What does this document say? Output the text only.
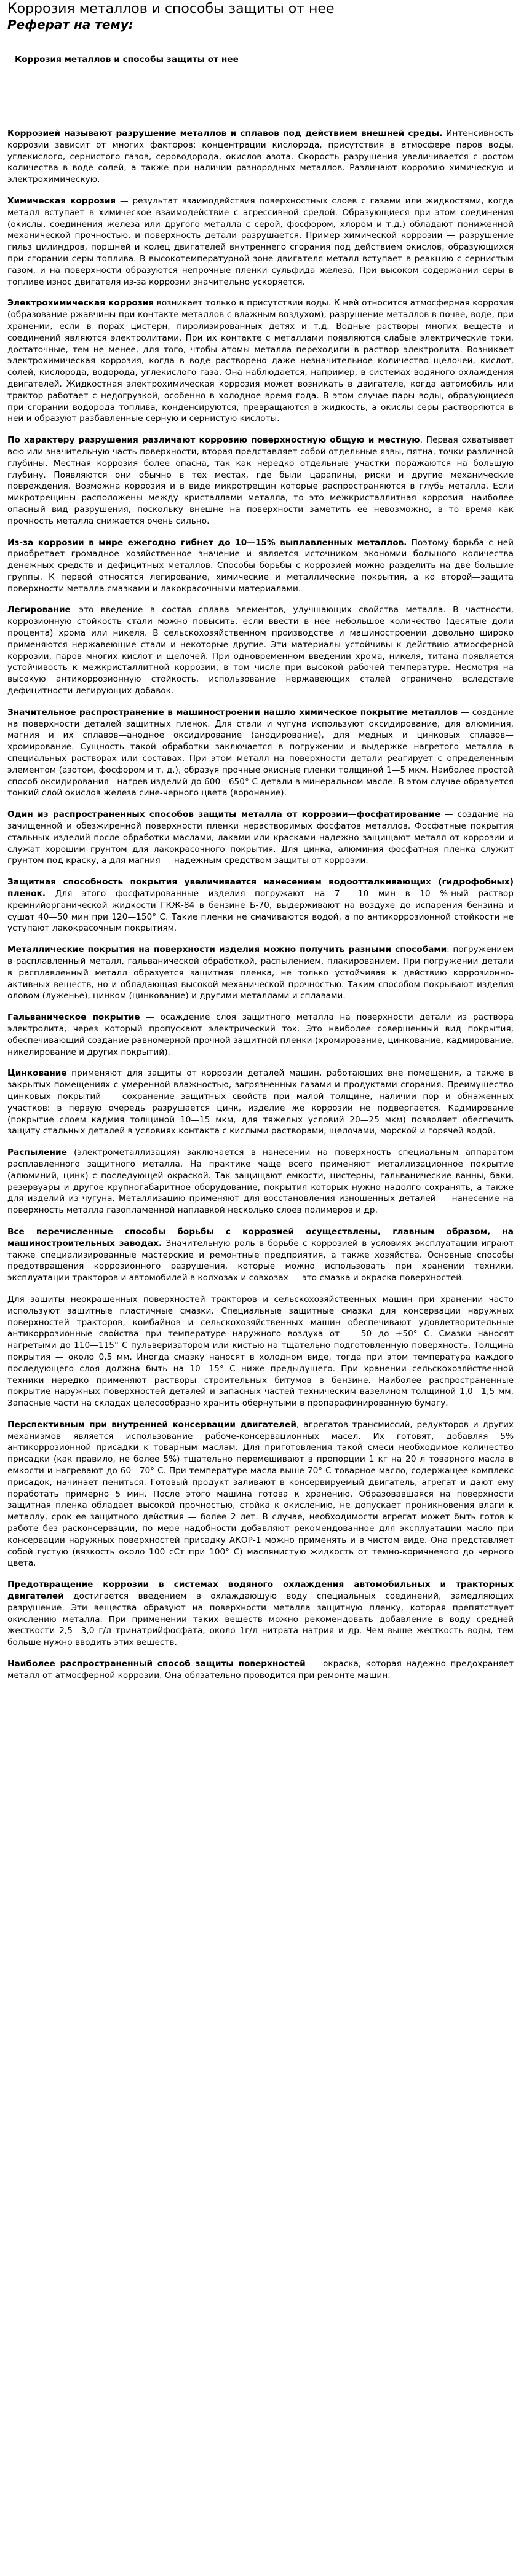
Коррозия металлов и способы защиты от нее
Реферат на тему:
Коррозия металлов и способы защиты от нее

Коррозией называют разрушение металлов и сплавов под действием внешней среды. Интенсивность коррозии зависит от многих факторов: концентрации кислорода, присутствия в атмосфере паров воды, углекислого, сернистого газов, сероводорода, окислов азота. Скорость разрушения увеличивается с ростом количества в воде солей, а также при наличии разнородных металлов. Различают коррозию химическую и электрохимическую.

Химическая коррозия — результат взаимодействия поверхностных слоев с газами или жидкостями, когда металл вступает в химическое взаимодействие с агрессивной средой. Образующиеся при этом соединения (окислы, соединения железа или другого металла с серой, фосфором, хлором и т.д.) обладают пониженной механической прочностью, и поверхность детали разрушается. Пример химической коррозии — разрушение гильз цилиндров, поршней и колец двигателей внутреннего сгорания под действием окислов, образующихся при сгорании серы топлива. В высокотемпературной зоне двигателя металл вступает в реакцию с сернистым газом, и на поверхности образуются непрочные пленки сульфида железа. При высоком содержании серы в топливе износ двигателя из-за коррозии значительно ускоряется.

Электрохимическая коррозия возникает только в присутствии воды. К ней относится атмосферная коррозия (образование ржавчины при контакте металлов с влажным воздухом), разрушение металлов в почве, воде, при хранении, если в порах цистерн, пиролизированных детях и т.д. Водные растворы многих веществ и соединений являются электролитами. При их контакте с металлами появляются слабые электрические токи, достаточные, тем не менее, для того, чтобы атомы металла переходили в раствор электролита. Возникает электрохимическая коррозия, когда в воде растворено даже незначительное количество щелочей, кислот, солей, кислорода, водорода, углекислого газа. Она наблюдается, например, в системах водяного охлаждения двигателей. Жидкостная электрохимическая коррозия может возникать в двигателе, когда автомобиль или трактор работает с недогрузкой, особенно в холодное время года. В этом случае пары воды, образующиеся при сгорании водорода топлива, конденсируются, превращаются в жидкость, а окислы серы растворяются в ней и образуют разбавленные серную и сернистую кислоты.

По характеру разрушения различают коррозию поверхностную общую и местную. Первая охватывает всю или значительную часть поверхности, вторая представляет собой отдельные язвы, пятна, точки различной глубины. Местная коррозия более опасна, так как нередко отдельные участки поражаются на большую глубину. Появляются они обычно в тех местах, где были царапины, риски и другие механические повреждения. Возможна коррозия и в виде микротрещин которые распространяются в глубь металла. Если микротрещины расположены между кристаллами металла, то это межкристаллитная коррозия—наиболее опасный вид разрушения, поскольку внешне на поверхности заметить ее невозможно, в то время как прочность металла снижается очень сильно.

Из-за коррозии в мире ежегодно гибнет до 10—15% выплавленных металлов. Поэтому борьба с ней приобретает громадное хозяйственное значение и является источником экономии большого количества денежных средств и дефицитных металлов. Способы борьбы с коррозией можно разделить на две большие группы. К первой относятся легирование, химические и металлические покрытия, а ко второй—защита поверхности металла смазками и лакокрасочными материалами.

Легирование—это введение в состав сплава элементов, улучшающих свойства металла. В частности, коррозионную стойкость стали можно повысить, если ввести в нее небольшое количество (десятые доли процента) хрома или никеля. В сельскохозяйственном производстве и машиностроении довольно широко применяются нержавеющие стали и некоторые другие. Эти материалы устойчивы к действию атмосферной коррозии, паров многих кислот и щелочей. При одновременном введении хрома, никеля, титана появляется устойчивость к межкристаллитной коррозии, в том числе при высокой рабочей температуре. Несмотря на высокую антикоррозионную стойкость, использование нержавеющих сталей ограничено вследствие дефицитности легирующих добавок.

Значительное распространение в машиностроении нашло химическое покрытие металлов — создание на поверхности деталей защитных пленок. Для стали и чугуна используют оксидирование, для алюминия, магния и их сплавов—анодное оксидирование (анодирование), для медных и цинковых сплавов—хромирование. Сущность такой обработки заключается в погружении и выдержке нагретого металла в специальных растворах или составах. При этом металл на поверхности детали реагирует с определенным элементом (азотом, фосфором и т. д.), образуя прочные окисные пленки толщиной 1—5 мкм. Наиболее простой способ оксидирования—нагрев изделий до 600—650° С детали в минеральном масле. В этом случае образуется тонкий слой окислов железа сине-черного цвета (воронение).

Один из распространенных способов защиты металла от коррозии—фосфатирование — создание на зачищенной и обезжиренной поверхности пленки нерастворимых фосфатов металлов. Фосфатные покрытия стальных изделий после обработки маслами, лаками или красками надежно защищают металл от коррозии и служат хорошим грунтом для лакокрасочного покрытия. Для цинка, алюминия фосфатная пленка служит грунтом под краску, а для магния — надежным средством защиты от коррозии.

Защитная способность покрытия увеличивается нанесением водоотталкивающих (гидрофобных) пленок. Для этого фосфатированные изделия погружают на 7— 10 мин в 10 %-ный раствор кремнийорганической жидкости ГКЖ-84 в бензине Б-70, выдерживают на воздухе до испарения бензина и сушат 40—50 мин при 120—150° С. Такие пленки не смачиваются водой, а по антикоррозионной стойкости не уступают лакокрасочным покрытиям.

Металлические покрытия на поверхности изделия можно получить разными способами: погружением в расплавленный металл, гальванической обработкой, распылением, плакированием. При погружении детали в расплавленный металл образуется защитная пленка, не только устойчивая к действию коррозионно-активных веществ, но и обладающая высокой механической прочностью. Таким способом покрывают изделия оловом (луженье), цинком (цинкование) и другими металлами и сплавами.

Гальваническое покрытие — осаждение слоя защитного металла на поверхности детали из раствора электролита, через который пропускают электрический ток. Это наиболее совершенный вид покрытия, обеспечивающий создание равномерной прочной защитной пленки (хромирование, цинкование, кадмирование, никелирование и других покрытий).

Цинкование применяют для защиты от коррозии деталей машин, работающих вне помещения, а также в закрытых помещениях с умеренной влажностью, загрязненных газами и продуктами сгорания. Преимущество цинковых покрытий — сохранение защитных свойств при малой толщине, наличии пор и обнаженных участков: в первую очередь разрушается цинк, изделие же коррозии не подвергается. Кадмирование (покрытие слоем кадмия толщиной 10—15 мкм, для тяжелых условий 20—25 мкм) позволяет обеспечить защиту стальных деталей в условиях контакта с кислыми растворами, щелочами, морской и горячей водой.

Распыление (электрометаллизация) заключается в нанесении на поверхность специальным аппаратом расплавленного защитного металла. На практике чаще всего применяют металлизационное покрытие (алюминий, цинк) с последующей окраской. Так защищают емкости, цистерны, гальванические ванны, баки, резервуары и другое крупногабаритное оборудование, покрытия которых нужно надолго сохранять, а также для изделий из чугуна. Металлизацию применяют для восстановления изношенных деталей — нанесение на поверхность металла газопламенной наплавкой несколько слоев полимеров и др.

Все перечисленные способы борьбы с коррозией осуществлены, главным образом, на машиностроительных заводах. Значительную роль в борьбе с коррозией в условиях эксплуатации играют также специализированные мастерские и ремонтные предприятия, а также хозяйства. Основные способы предотвращения коррозионного разрушения, которые можно использовать при хранении техники, эксплуатации тракторов и автомобилей в колхозах и совхозах — это смазка и окраска поверхностей.

Для защиты неокрашенных поверхностей тракторов и сельскохозяйственных машин при хранении часто используют защитные пластичные смазки. Специальные защитные смазки для консервации наружных поверхностей тракторов, комбайнов и сельскохозяйственных машин обеспечивают удовлетворительные антикоррозионные свойства при температуре наружного воздуха от — 50 до +50° С. Смазки наносят нагретыми до 110—115° С пульверизатором или кистью на тщательно подготовленную поверхность. Толщина покрытия — около 0,5 мм. Иногда смазку наносят в холодном виде, тогда при этом температура каждого последующего слоя должна быть на 10—15° С ниже предыдущего. При хранении сельскохозяйственной техники нередко применяют растворы строительных битумов в бензине. Наиболее распространенные покрытие наружных поверхностей деталей и запасных частей техническим вазелином толщиной 1,0—1,5 мм. Запасные части на складах целесообразно хранить обернутыми в пропарафинированную бумагу.

Перспективным при внутренней консервации двигателей, агрегатов трансмиссий, редукторов и других механизмов является использование рабоче-консервационных масел. Их готовят, добавляя 5% антикоррозионной присадки к товарным маслам. Для приготовления такой смеси необходимое количество присадки (как правило, не более 5%) тщательно перемешивают в пропорции 1 кг на 20 л товарного масла в емкости и нагревают до 60—70° С. При температуре масла выше 70° С товарное масло, содержащее комплекс присадок, начинает пениться. Готовый продукт заливают в консервируемый двигатель, агрегат и дают ему поработать примерно 5 мин. После этого машина готова к хранению. Образовавшаяся на поверхности защитная пленка обладает высокой прочностью, стойка к окислению, не допускает проникновения влаги к металлу, срок ее защитного действия — более 2 лет. В случае, необходимости агрегат может быть готов к работе без расконсервации, по мере надобности добавляют рекомендованное для эксплуатации масло при консервации наружных поверхностей присадку АКОР-1 можно применять и в чистом виде. Она представляет собой густую (вязкость около 100 сСт при 100° С) маслянистую жидкость от темно-коричневого до черного цвета.

Предотвращение коррозии в системах водяного охлаждения автомобильных и тракторных двигателей достигается введением в охлаждающую воду специальных соединений, замедляющих разрушение. Эти вещества образуют на поверхности металла защитную пленку, которая препятствует окислению металла. При применении таких веществ можно рекомендовать добавление в воду средней жесткости 2,5—3,0 г/л тринатрийфосфата, около 1г/л нитрата натрия и др. Чем выше жесткость воды, тем больше нужно вводить этих веществ.

Наиболее распространенный способ защиты поверхностей — окраска, которая надежно предохраняет металл от атмосферной коррозии. Она обязательно проводится при ремонте машин.
